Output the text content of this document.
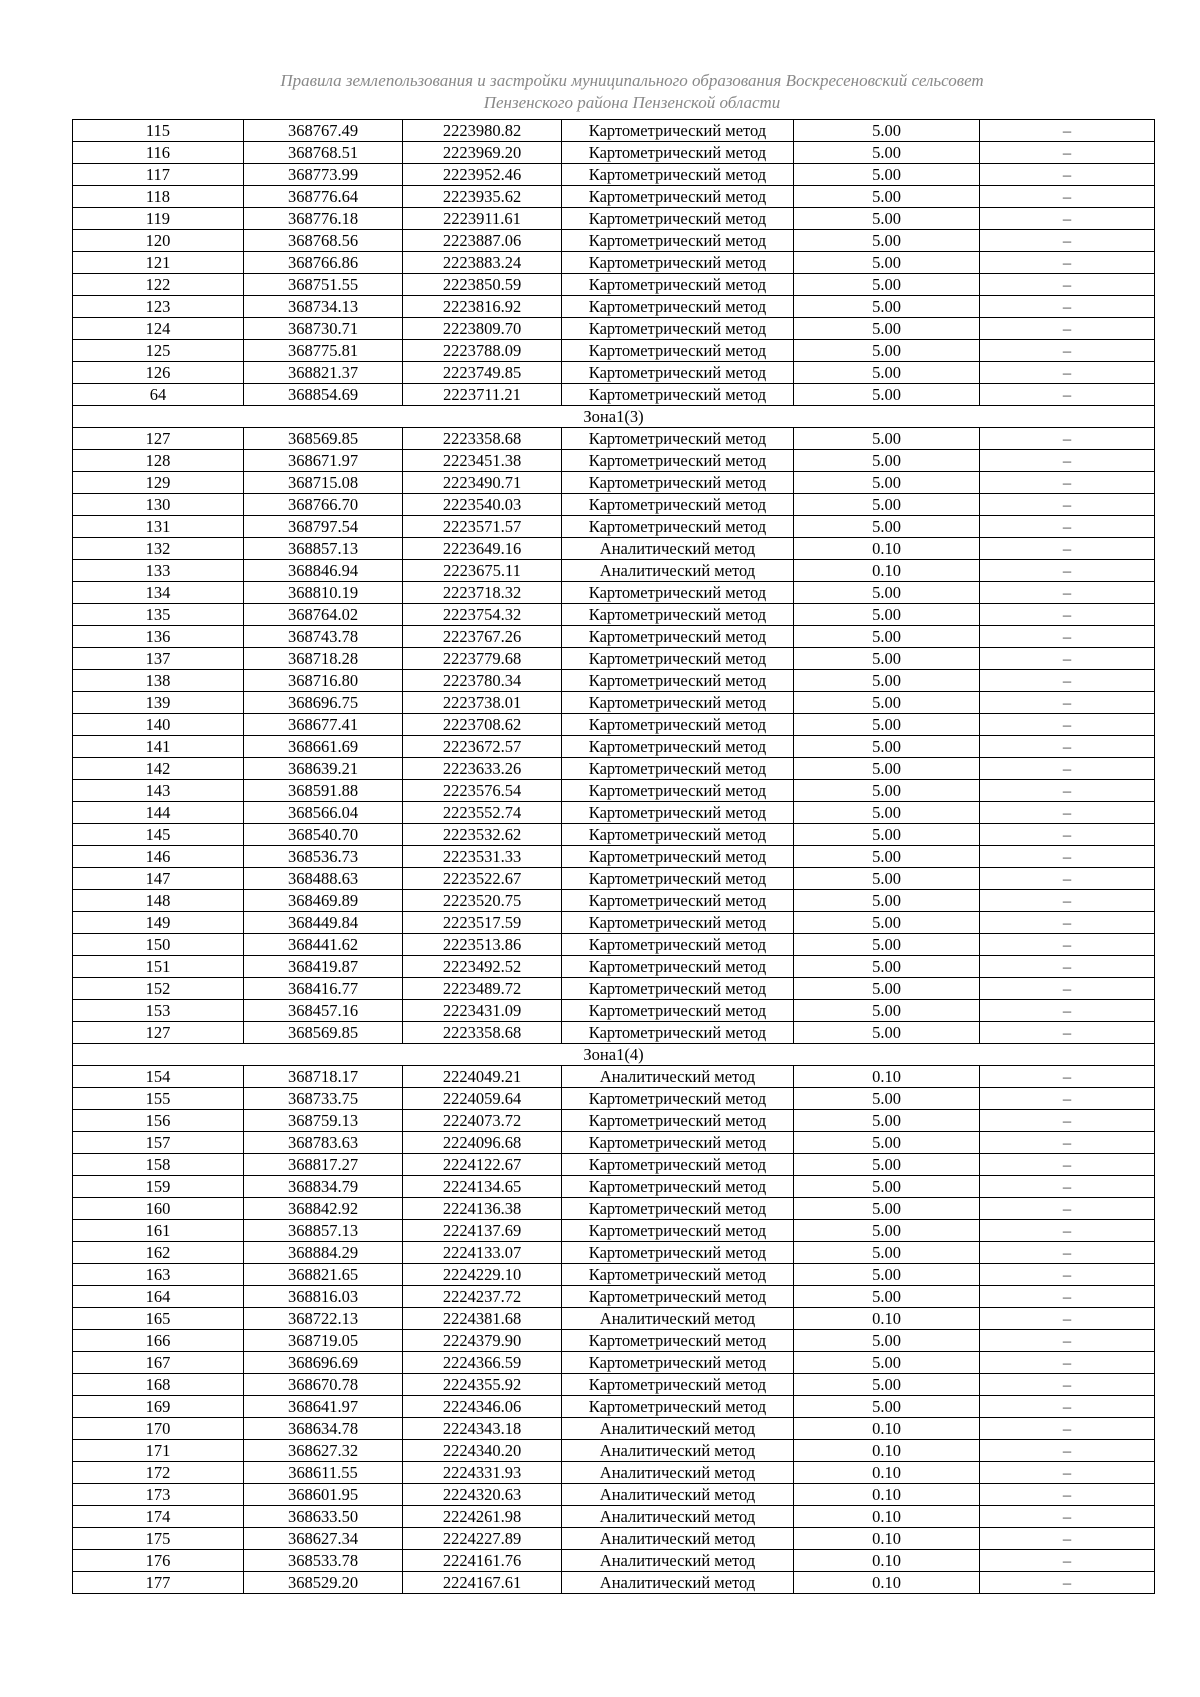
Правила землепользования и застройки муниципального образования Воскресеновский сельсовет
Пензенского района Пензенской области
115	368767.49	2223980.82	Картометрический метод	5.00	–
116	368768.51	2223969.20	Картометрический метод	5.00	–
117	368773.99	2223952.46	Картометрический метод	5.00	–
118	368776.64	2223935.62	Картометрический метод	5.00	–
119	368776.18	2223911.61	Картометрический метод	5.00	–
120	368768.56	2223887.06	Картометрический метод	5.00	–
121	368766.86	2223883.24	Картометрический метод	5.00	–
122	368751.55	2223850.59	Картометрический метод	5.00	–
123	368734.13	2223816.92	Картометрический метод	5.00	–
124	368730.71	2223809.70	Картометрический метод	5.00	–
125	368775.81	2223788.09	Картометрический метод	5.00	–
126	368821.37	2223749.85	Картометрический метод	5.00	–
64	368854.69	2223711.21	Картометрический метод	5.00	–
Зона1(3)					
127	368569.85	2223358.68	Картометрический метод	5.00	–
128	368671.97	2223451.38	Картометрический метод	5.00	–
129	368715.08	2223490.71	Картометрический метод	5.00	–
130	368766.70	2223540.03	Картометрический метод	5.00	–
131	368797.54	2223571.57	Картометрический метод	5.00	–
132	368857.13	2223649.16	Аналитический метод	0.10	–
133	368846.94	2223675.11	Аналитический метод	0.10	–
134	368810.19	2223718.32	Картометрический метод	5.00	–
135	368764.02	2223754.32	Картометрический метод	5.00	–
136	368743.78	2223767.26	Картометрический метод	5.00	–
137	368718.28	2223779.68	Картометрический метод	5.00	–
138	368716.80	2223780.34	Картометрический метод	5.00	–
139	368696.75	2223738.01	Картометрический метод	5.00	–
140	368677.41	2223708.62	Картометрический метод	5.00	–
141	368661.69	2223672.57	Картометрический метод	5.00	–
142	368639.21	2223633.26	Картометрический метод	5.00	–
143	368591.88	2223576.54	Картометрический метод	5.00	–
144	368566.04	2223552.74	Картометрический метод	5.00	–
145	368540.70	2223532.62	Картометрический метод	5.00	–
146	368536.73	2223531.33	Картометрический метод	5.00	–
147	368488.63	2223522.67	Картометрический метод	5.00	–
148	368469.89	2223520.75	Картометрический метод	5.00	–
149	368449.84	2223517.59	Картометрический метод	5.00	–
150	368441.62	2223513.86	Картометрический метод	5.00	–
151	368419.87	2223492.52	Картометрический метод	5.00	–
152	368416.77	2223489.72	Картометрический метод	5.00	–
153	368457.16	2223431.09	Картометрический метод	5.00	–
127	368569.85	2223358.68	Картометрический метод	5.00	–
Зона1(4)					
154	368718.17	2224049.21	Аналитический метод	0.10	–
155	368733.75	2224059.64	Картометрический метод	5.00	–
156	368759.13	2224073.72	Картометрический метод	5.00	–
157	368783.63	2224096.68	Картометрический метод	5.00	–
158	368817.27	2224122.67	Картометрический метод	5.00	–
159	368834.79	2224134.65	Картометрический метод	5.00	–
160	368842.92	2224136.38	Картометрический метод	5.00	–
161	368857.13	2224137.69	Картометрический метод	5.00	–
162	368884.29	2224133.07	Картометрический метод	5.00	–
163	368821.65	2224229.10	Картометрический метод	5.00	–
164	368816.03	2224237.72	Картометрический метод	5.00	–
165	368722.13	2224381.68	Аналитический метод	0.10	–
166	368719.05	2224379.90	Картометрический метод	5.00	–
167	368696.69	2224366.59	Картометрический метод	5.00	–
168	368670.78	2224355.92	Картометрический метод	5.00	–
169	368641.97	2224346.06	Картометрический метод	5.00	–
170	368634.78	2224343.18	Аналитический метод	0.10	–
171	368627.32	2224340.20	Аналитический метод	0.10	–
172	368611.55	2224331.93	Аналитический метод	0.10	–
173	368601.95	2224320.63	Аналитический метод	0.10	–
174	368633.50	2224261.98	Аналитический метод	0.10	–
175	368627.34	2224227.89	Аналитический метод	0.10	–
176	368533.78	2224161.76	Аналитический метод	0.10	–
177	368529.20	2224167.61	Аналитический метод	0.10	–
